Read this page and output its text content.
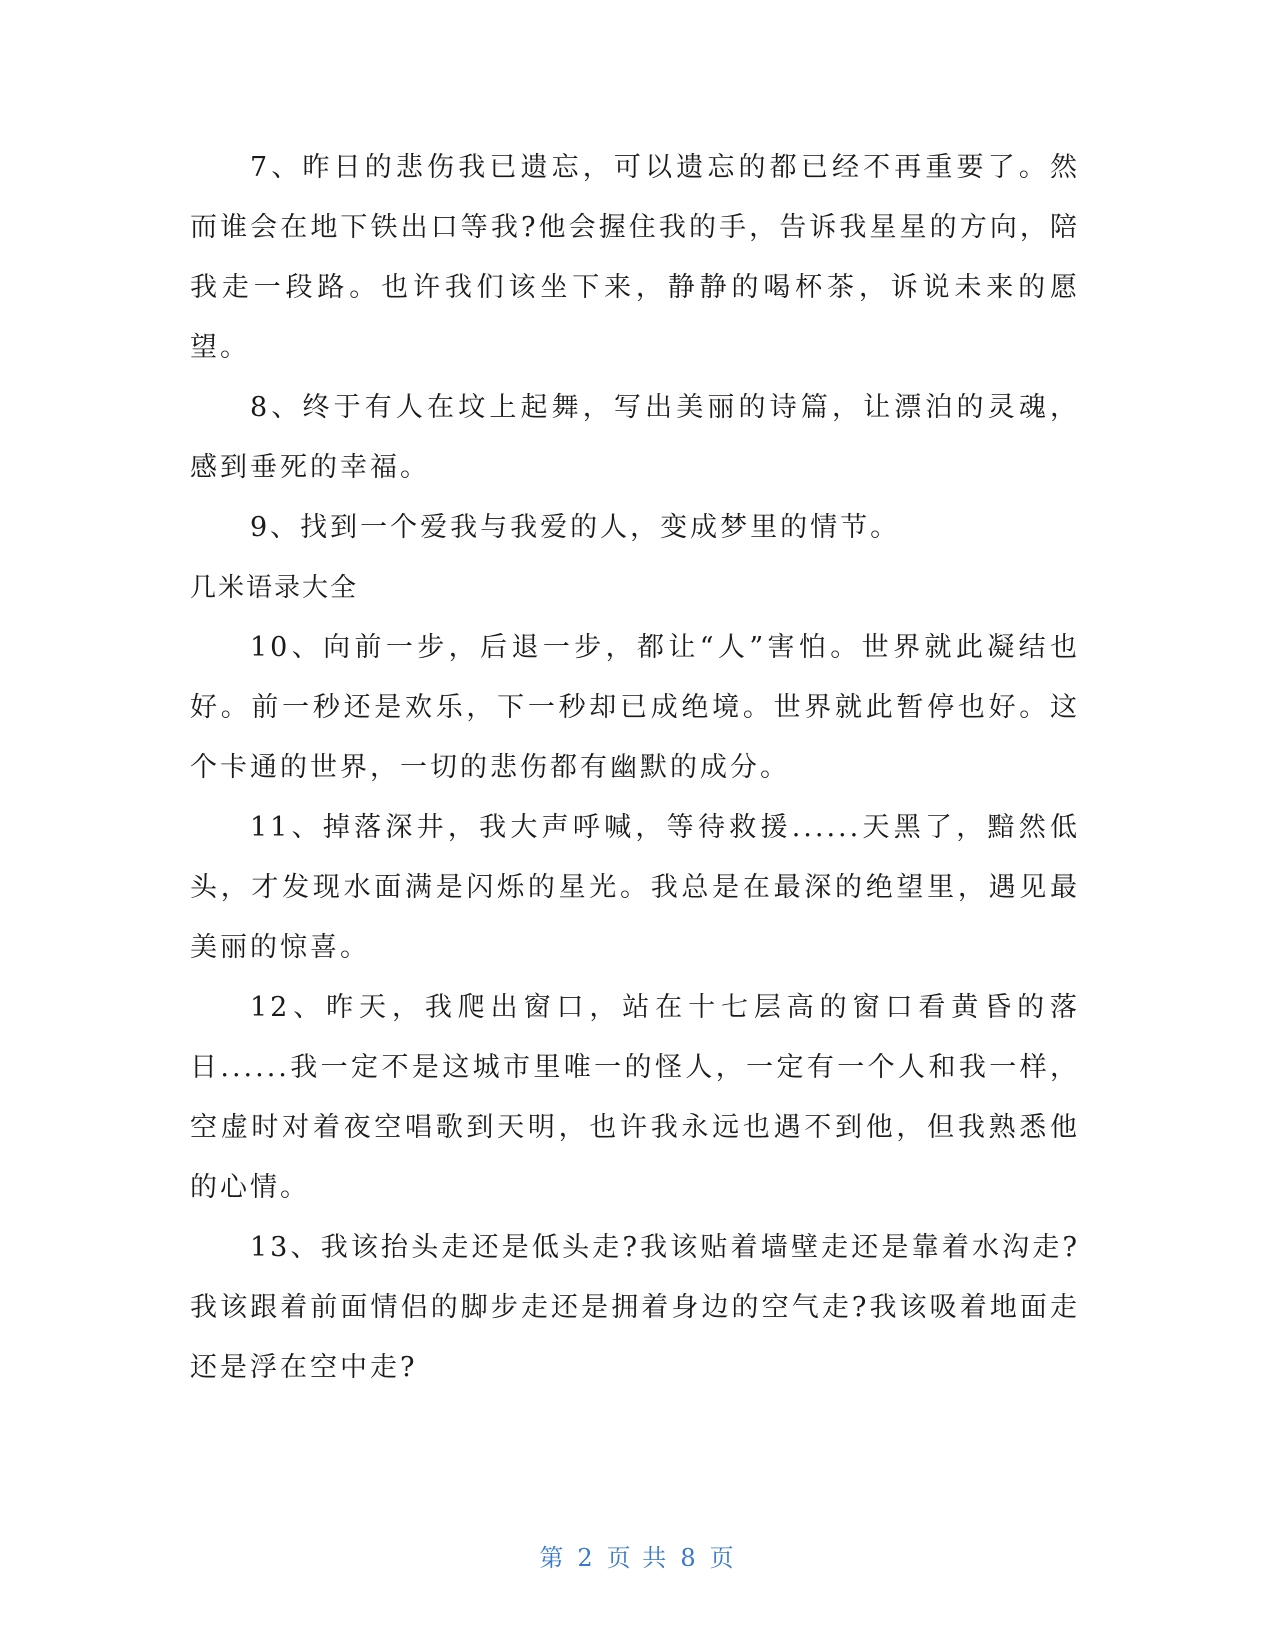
7、昨日的悲伤我已遗忘，可以遗忘的都已经不再重要了。然而谁会在地下铁出口等我?他会握住我的手，告诉我星星的方向，陪我走一段路。也许我们该坐下来，静静的喝杯茶，诉说未来的愿望。

8、终于有人在坟上起舞，写出美丽的诗篇，让漂泊的灵魂，感到垂死的幸福。

9、找到一个爱我与我爱的人，变成梦里的情节。

几米语录大全

10、向前一步，后退一步，都让“人”害怕。世界就此凝结也好。前一秒还是欢乐，下一秒却已成绝境。世界就此暂停也好。这个卡通的世界，一切的悲伤都有幽默的成分。

11、掉落深井，我大声呼喊，等待救援......天黑了，黯然低头，才发现水面满是闪烁的星光。我总是在最深的绝望里，遇见最美丽的惊喜。

12、昨天，我爬出窗口，站在十七层高的窗口看黄昏的落日......我一定不是这城市里唯一的怪人，一定有一个人和我一样，空虚时对着夜空唱歌到天明，也许我永远也遇不到他，但我熟悉他的心情。

13、我该抬头走还是低头走?我该贴着墙壁走还是靠着水沟走?我该跟着前面情侣的脚步走还是拥着身边的空气走?我该吸着地面走还是浮在空中走?

第 2 页 共 8 页
